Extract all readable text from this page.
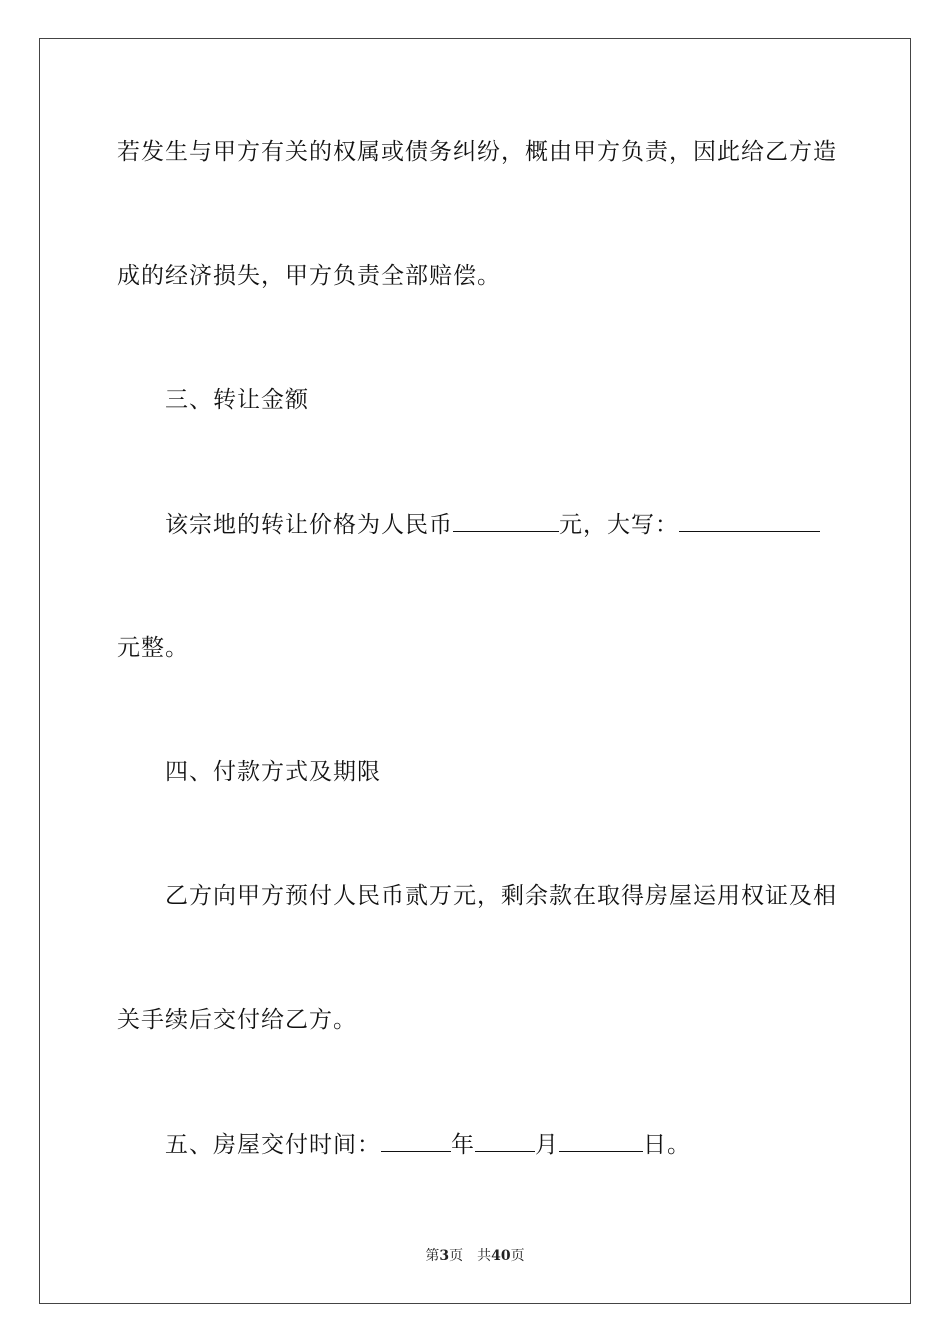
若发生与甲方有关的权属或债务纠纷，概由甲方负责，因此给乙方造
成的经济损失，甲方负责全部赔偿。
三、转让金额
该宗地的转让价格为人民币	元，大写：
元整。
四、付款方式及期限
乙方向甲方预付人民币贰万元，剩余款在取得房屋运用权证及相
关手续后交付给乙方。
五、房屋交付时间：	年	月	日。
第3页 共40页
